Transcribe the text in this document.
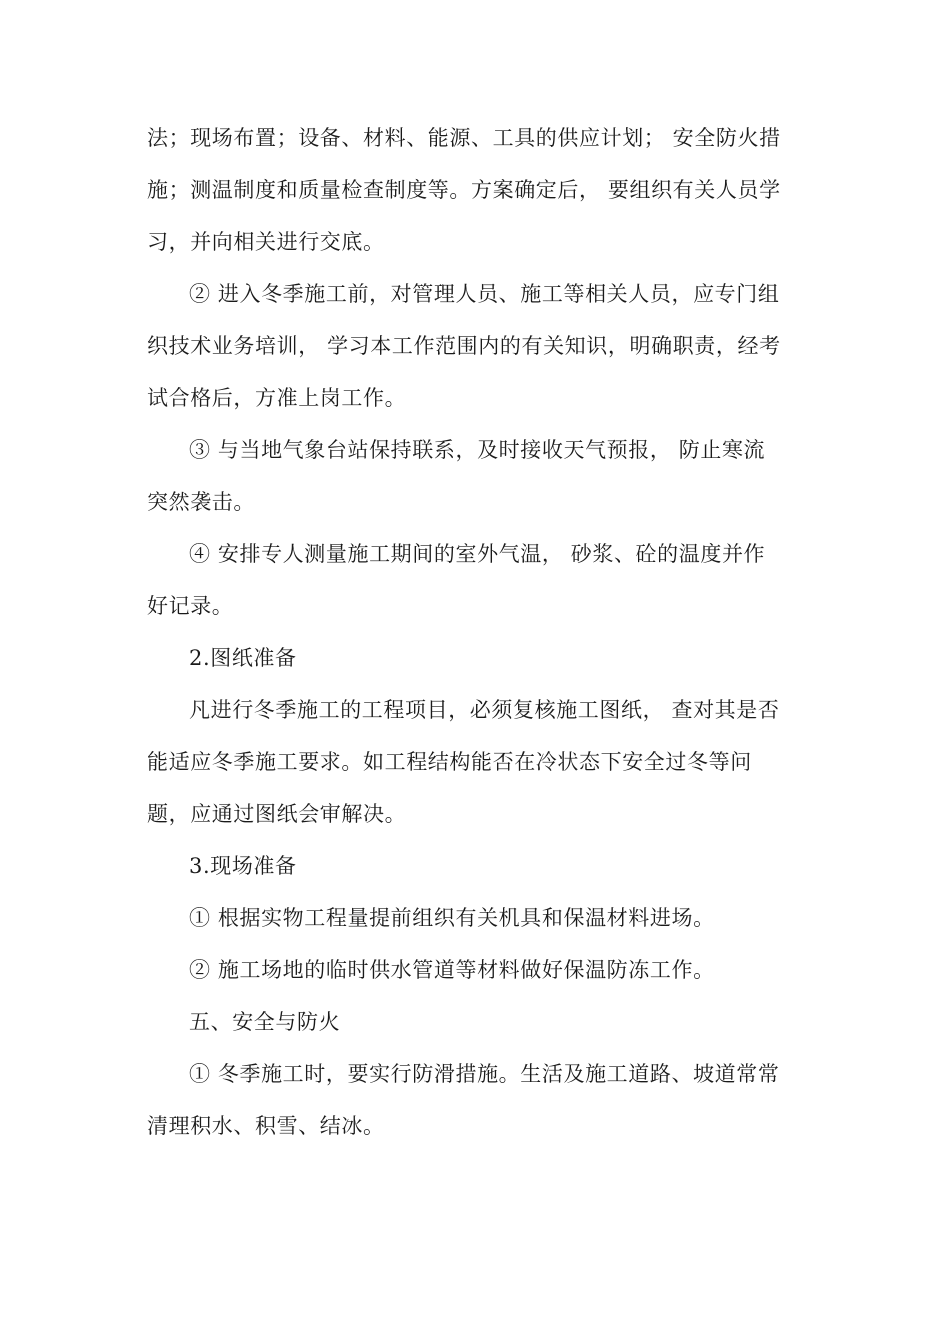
法；现场布置；设备、材料、能源、工具的供应计划； 安全防火措
施；测温制度和质量检查制度等。方案确定后， 要组织有关人员学
习，并向相关进行交底。
② 进入冬季施工前，对管理人员、施工等相关人员，应专门组
织技术业务培训， 学习本工作范围内的有关知识，明确职责，经考
试合格后，方准上岗工作。
③ 与当地气象台站保持联系，及时接收天气预报， 防止寒流
突然袭击。
④ 安排专人测量施工期间的室外气温， 砂浆、砼的温度并作
好记录。
2.图纸准备
凡进行冬季施工的工程项目，必须复核施工图纸， 查对其是否
能适应冬季施工要求。如工程结构能否在冷状态下安全过冬等问
题，应通过图纸会审解决。
3.现场准备
① 根据实物工程量提前组织有关机具和保温材料进场。
② 施工场地的临时供水管道等材料做好保温防冻工作。
五、安全与防火
① 冬季施工时，要实行防滑措施。生活及施工道路、坡道常常
清理积水、积雪、结冰。
